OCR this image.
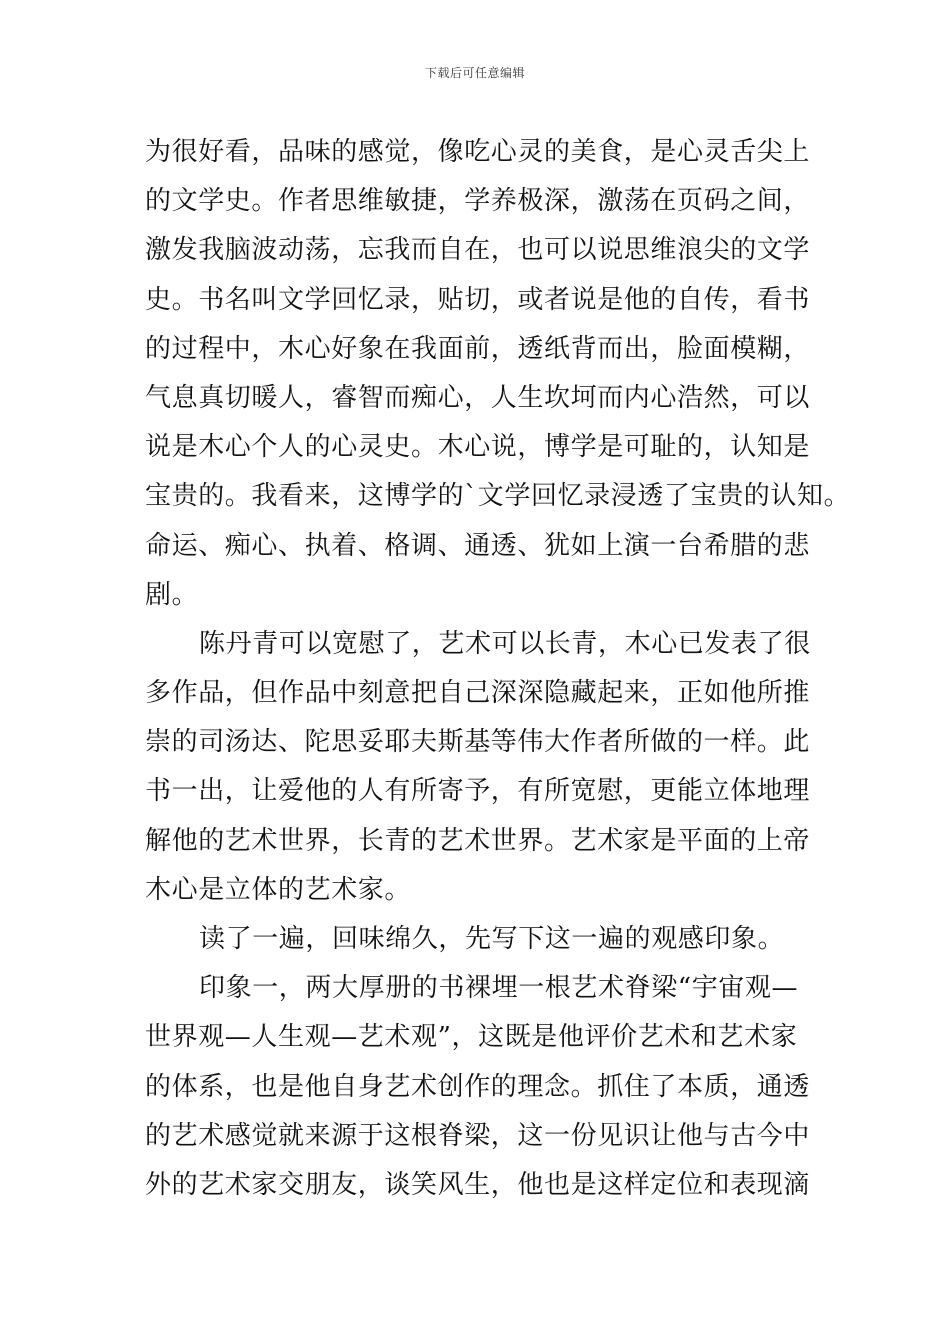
下载后可任意编辑
为很好看，品味的感觉，像吃心灵的美食，是心灵舌尖上
的文学史。作者思维敏捷，学养极深，激荡在页码之间，
激发我脑波动荡，忘我而自在，也可以说思维浪尖的文学
史。书名叫文学回忆录，贴切，或者说是他的自传，看书
的过程中，木心好象在我面前，透纸背而出，脸面模糊，
气息真切暖人，睿智而痴心，人生坎坷而内心浩然，可以
说是木心个人的心灵史。木心说，博学是可耻的，认知是
宝贵的。我看来，这博学的`文学回忆录浸透了宝贵的认知。
命运、痴心、执着、格调、通透、犹如上演一台希腊的悲
剧。
陈丹青可以宽慰了，艺术可以长青，木心已发表了很
多作品，但作品中刻意把自己深深隐藏起来，正如他所推
崇的司汤达、陀思妥耶夫斯基等伟大作者所做的一样。此
书一出，让爱他的人有所寄予，有所宽慰，更能立体地理
解他的艺术世界，长青的艺术世界。艺术家是平面的上帝
木心是立体的艺术家。
读了一遍，回味绵久，先写下这一遍的观感印象。
印象一，两大厚册的书裸埋一根艺术脊梁“宇宙观—
世界观—人生观—艺术观”，这既是他评价艺术和艺术家
的体系，也是他自身艺术创作的理念。抓住了本质，通透
的艺术感觉就来源于这根脊梁，这一份见识让他与古今中
外的艺术家交朋友，谈笑风生，他也是这样定位和表现滴
